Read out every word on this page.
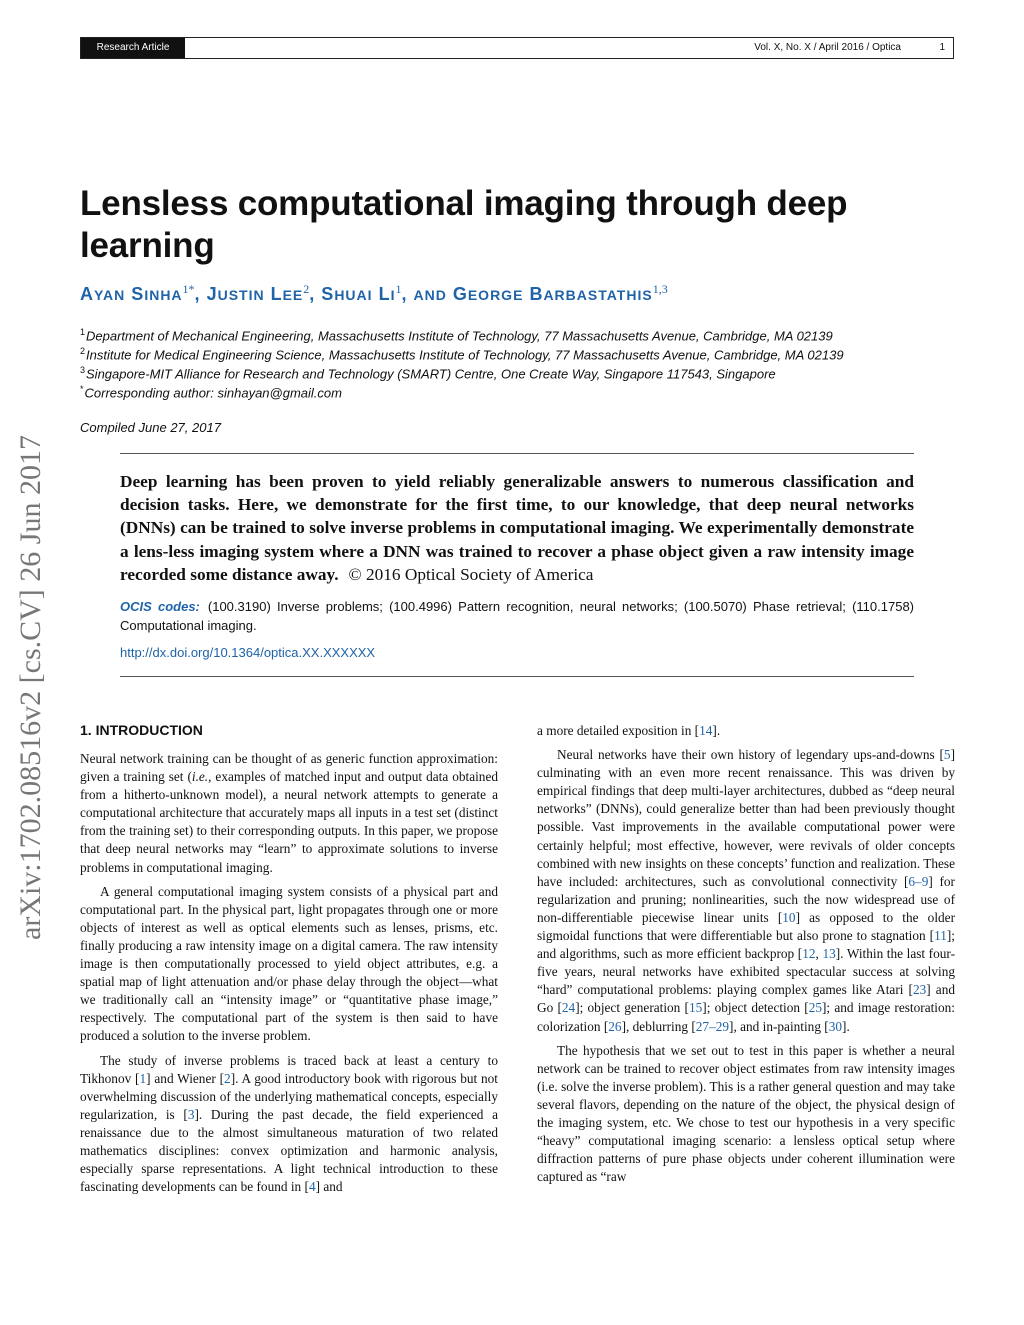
Research Article	Vol. X, No. X / April 2016 / Optica	1
arXiv:1702.08516v2 [cs.CV] 26 Jun 2017
Lensless computational imaging through deep learning
AYAN $SINHA^{1*}$, JUSTIN LEE$^2$, SHUAI $LI^1$, AND GEORGE BARBASTATHIS$^{1,3}$
$^1$Department of Mechanical Engineering, Massachusetts Institute of Technology, 77 Massachusetts Avenue, Cambridge, MA 02139
$^2$Institute for Medical Engineering Science, Massachusetts Institute of Technology, 77 Massachusetts Avenue, Cambridge, MA 02139
$^3$Singapore-MIT Alliance for Research and Technology (SMART) Centre, One Create Way, Singapore 117543, Singapore
*Corresponding author: sinhayan@gmail.com
Compiled June 27, 2017

Deep learning has been proven to yield reliably generalizable answers to numerous classification and decision tasks. Here, we demonstrate for the first time, to our knowledge, that deep neural networks (DNNs) can be trained to solve inverse problems in computational imaging. We experimentally demonstrate a lens-less imaging system where a DNN was trained to recover a phase object given a raw intensity image recorded some distance away. © 2016 Optical Society of America

OCIS codes: (100.3190) Inverse problems; (100.4996) Pattern recognition, neural networks; (100.5070) Phase retrieval; (110.1758) Computational imaging.
http://dx.doi.org/10.1364/optica.XX.XXXXXX
1. INTRODUCTION

Neural network training can be thought of as generic function approximation: given a training set (i.e., examples of matched input and output data obtained from a hitherto-unknown model), a neural network attempts to generate a computational architecture that accurately maps all inputs in a test set (distinct from the training set) to their corresponding outputs. In this paper, we propose that deep neural networks may “learn” to approximate solutions to inverse problems in computational imaging.

A general computational imaging system consists of a physical part and computational part. In the physical part, light propagates through one or more objects of interest as well as optical elements such as lenses, prisms, etc. finally producing a raw intensity image on a digital camera. The raw intensity image is then computationally processed to yield object attributes, e.g. a spatial map of light attenuation and/or phase delay through the object—what we traditionally call an “intensity image” or “quantitative phase image,” respectively. The computational part of the system is then said to have produced a solution to the inverse problem.

The study of inverse problems is traced back at least a century to Tikhonov [1] and Wiener [2]. A good introductory book with rigorous but not overwhelming discussion of the underlying mathematical concepts, especially regularization, is [3]. During the past decade, the field experienced a renaissance due to the almost simultaneous maturation of two related mathematics disciplines: convex optimization and harmonic analysis, especially sparse representations. A light technical introduction to these fascinating developments can be found in [4] and

a more detailed exposition in [14].

Neural networks have their own history of legendary ups-and-downs [5] culminating with an even more recent renaissance. This was driven by empirical findings that deep multi-layer architectures, dubbed as “deep neural networks” (DNNs), could generalize better than had been previously thought possible. Vast improvements in the available computational power were certainly helpful; most effective, however, were revivals of older concepts combined with new insights on these concepts’ function and realization. These have included: architectures, such as convolutional connectivity [6–9] for regularization and pruning; nonlinearities, such the now widespread use of non-differentiable piecewise linear units [10] as opposed to the older sigmoidal functions that were differentiable but also prone to stagnation [11]; and algorithms, such as more efficient backprop [12, 13]. Within the last four-five years, neural networks have exhibited spectacular success at solving “hard” computational problems: playing complex games like Atari [23] and Go [24]; object generation [15]; object detection [25]; and image restoration: colorization [26], deblurring [27–29], and in-painting [30].

The hypothesis that we set out to test in this paper is whether a neural network can be trained to recover object estimates from raw intensity images (i.e. solve the inverse problem). This is a rather general question and may take several flavors, depending on the nature of the object, the physical design of the imaging system, etc. We chose to test our hypothesis in a very specific “heavy” computational imaging scenario: a lensless optical setup where diffraction patterns of pure phase objects under coherent illumination were captured as “raw
